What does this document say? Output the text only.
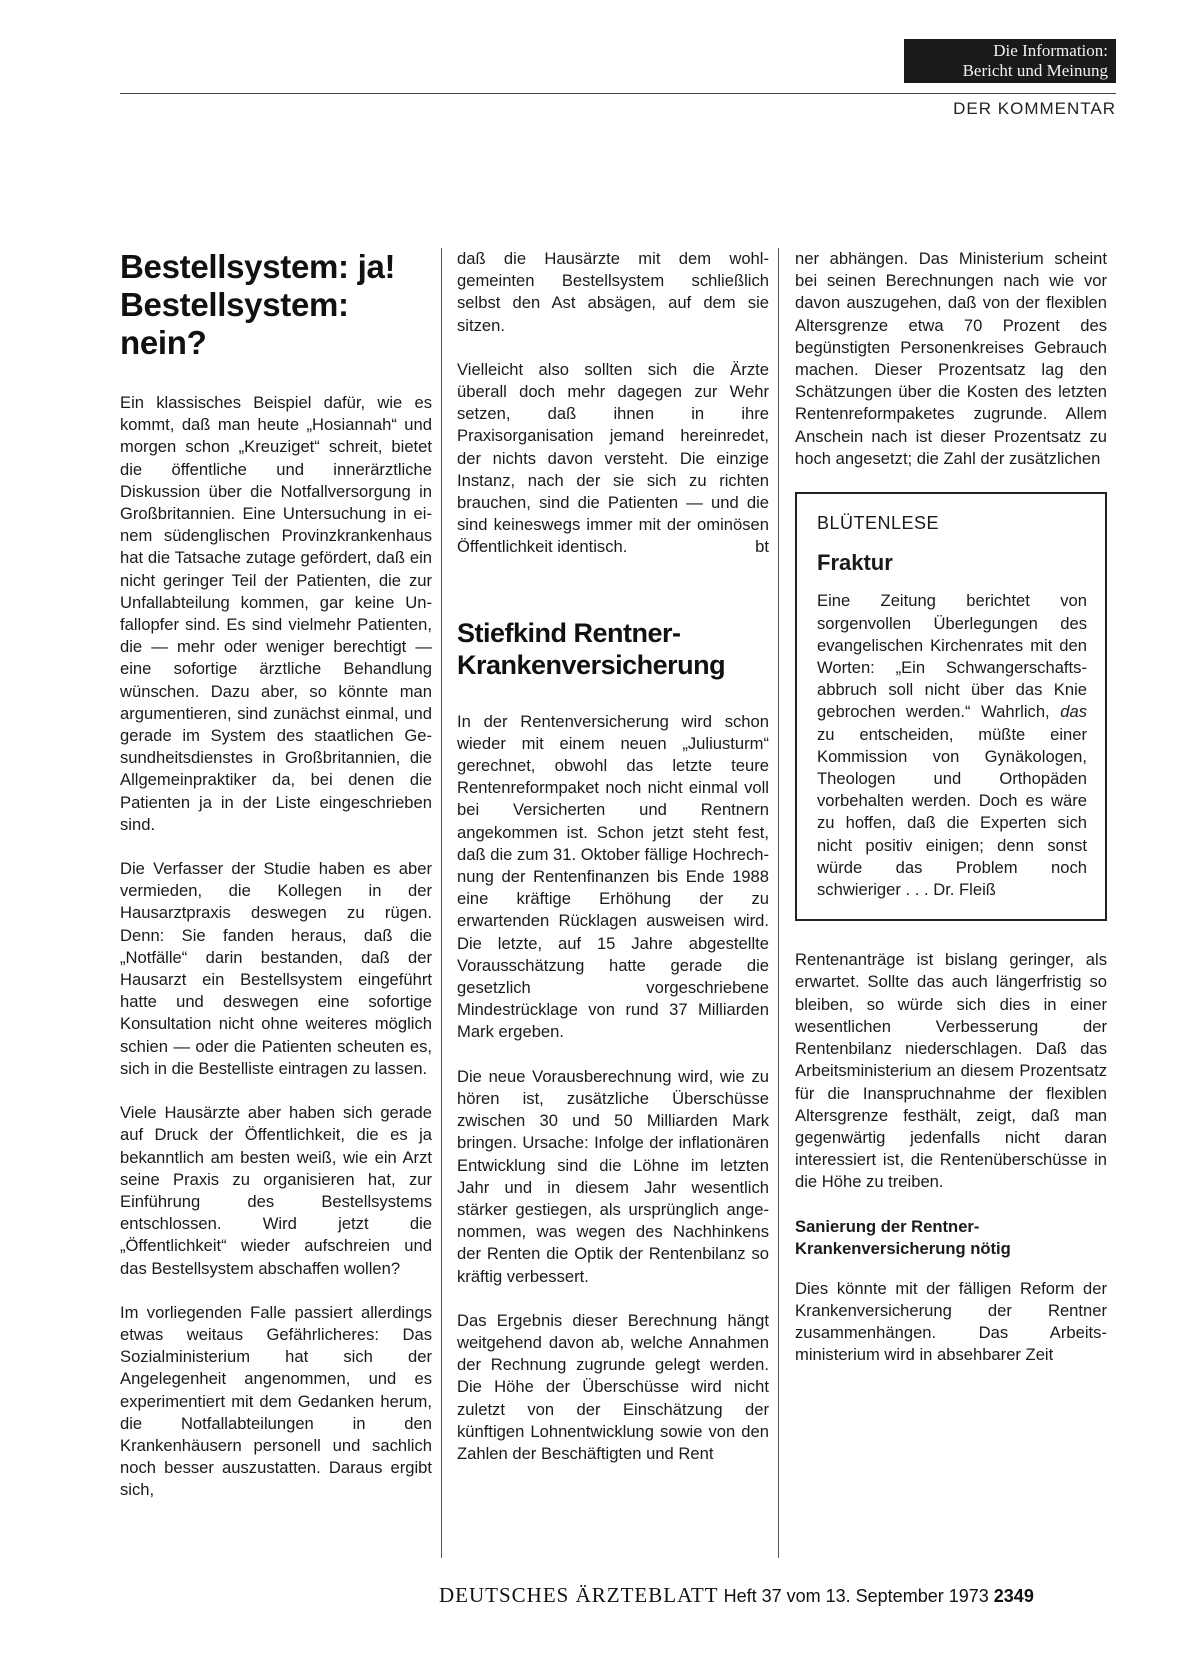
Die Information:
Bericht und Meinung
DER KOMMENTAR
Bestellsystem: ja! Bestellsystem: nein?

Ein klassisches Beispiel dafür, wie es kommt, daß man heute „Hosiannah“ und morgen schon „Kreuziget“ schreit, bietet die öffentliche und innerärztliche Diskussion über die Notfallversorgung in Großbritannien. Eine Untersuchung in einem südenglischen Provinzkrankenhaus hat die Tatsache zutage gefördert, daß ein nicht geringer Teil der Patienten, die zur Unfallabteilung kommen, gar keine Unfallopfer sind. Es sind vielmehr Patienten, die — mehr oder weniger berechtigt — eine sofortige ärztliche Behandlung wünschen. Dazu aber, so könnte man argumentieren, sind zunächst einmal, und gerade im System des staatlichen Gesundheitsdienstes in Großbritannien, die Allgemeinpraktiker da, bei denen die Patienten ja in der Liste eingeschrieben sind.

Die Verfasser der Studie haben es aber vermieden, die Kollegen in der Hausarztpraxis deswegen zu rügen. Denn: Sie fanden heraus, daß die „Notfälle“ darin bestanden, daß der Hausarzt ein Bestellsystem eingeführt hatte und deswegen eine sofortige Konsultation nicht ohne weiteres möglich schien — oder die Patienten scheuten es, sich in die Bestelliste eintragen zu lassen.

Viele Hausärzte aber haben sich gerade auf Druck der Öffentlichkeit, die es ja bekanntlich am besten weiß, wie ein Arzt seine Praxis zu organisieren hat, zur Einführung des Bestellsystems entschlossen. Wird jetzt die „Öffentlichkeit“ wieder aufschreien und das Bestellsystem abschaffen wollen?

Im vorliegenden Falle passiert allerdings etwas weitaus Gefährlicheres: Das Sozialministerium hat sich der Angelegenheit angenommen, und es experimentiert mit dem Gedanken herum, die Notfallabteilungen in den Krankenhäusern personell und sachlich noch besser auszustatten. Daraus ergibt sich,

daß die Hausärzte mit dem wohlgemeinten Bestellsystem schließlich selbst den Ast absägen, auf dem sie sitzen.

Vielleicht also sollten sich die Ärzte überall doch mehr dagegen zur Wehr setzen, daß ihnen in ihre Praxisorganisation jemand hereinredet, der nichts davon versteht. Die einzige Instanz, nach der sie sich zu richten brauchen, sind die Patienten — und die sind keineswegs immer mit der ominösen Öffentlichkeit identisch.	bt

Stiefkind Rentner-Krankenversicherung

In der Rentenversicherung wird schon wieder mit einem neuen „Juliusturm“ gerechnet, obwohl das letzte teure Rentenreformpaket noch nicht einmal voll bei Versicherten und Rentnern angekommen ist. Schon jetzt steht fest, daß die zum 31. Oktober fällige Hochrechnung der Rentenfinanzen bis Ende 1988 eine kräftige Erhöhung der zu erwartenden Rücklagen ausweisen wird. Die letzte, auf 15 Jahre abgestellte Vorausschätzung hatte gerade die gesetzlich vorgeschriebene Mindestrücklage von rund 37 Milliarden Mark ergeben.

Die neue Vorausberechnung wird, wie zu hören ist, zusätzliche Überschüsse zwischen 30 und 50 Milliarden Mark bringen. Ursache: Infolge der inflationären Entwicklung sind die Löhne im letzten Jahr und in diesem Jahr wesentlich stärker gestiegen, als ursprünglich angenommen, was wegen des Nachhinkens der Renten die Optik der Rentenbilanz so kräftig verbessert.

Das Ergebnis dieser Berechnung hängt weitgehend davon ab, welche Annahmen der Rechnung zugrunde gelegt werden. Die Höhe der Überschüsse wird nicht zuletzt von der Einschätzung der künftigen Lohnentwicklung sowie von den Zahlen der Beschäftigten und Rent

ner abhängen. Das Ministerium scheint bei seinen Berechnungen nach wie vor davon auszugehen, daß von der flexiblen Altersgrenze etwa 70 Prozent des begünstigten Personenkreises Gebrauch machen. Dieser Prozentsatz lag den Schätzungen über die Kosten des letzten Rentenreformpaketes zugrunde. Allem Anschein nach ist dieser Prozentsatz zu hoch angesetzt; die Zahl der zusätzlichen

BLÜTENLESE
Fraktur

Eine Zeitung berichtet von sorgenvollen Überlegungen des evangelischen Kirchenrates mit den Worten: „Ein Schwangerschaftsabbruch soll nicht über das Knie gebrochen werden.“ Wahrlich, das zu entscheiden, müßte einer Kommission von Gynäkologen, Theologen und Orthopäden vorbehalten werden. Doch es wäre zu hoffen, daß die Experten sich nicht positiv einigen; denn sonst würde das Problem noch schwieriger . . . Dr. Fleiß

Rentenanträge ist bislang geringer, als erwartet. Sollte das auch längerfristig so bleiben, so würde sich dies in einer wesentlichen Verbesserung der Rentenbilanz niederschlagen. Daß das Arbeitsministerium an diesem Prozentsatz für die Inanspruchnahme der flexiblen Altersgrenze festhält, zeigt, daß man gegenwärtig jedenfalls nicht daran interessiert ist, die Rentenüberschüsse in die Höhe zu treiben.

Sanierung der Rentner-Krankenversicherung nötig

Dies könnte mit der fälligen Reform der Krankenversicherung der Rentner zusammenhängen. Das Arbeitsministerium wird in absehbarer Zeit

DEUTSCHES ÄRZTEBLATT Heft 37 vom 13. September 1973 2349
